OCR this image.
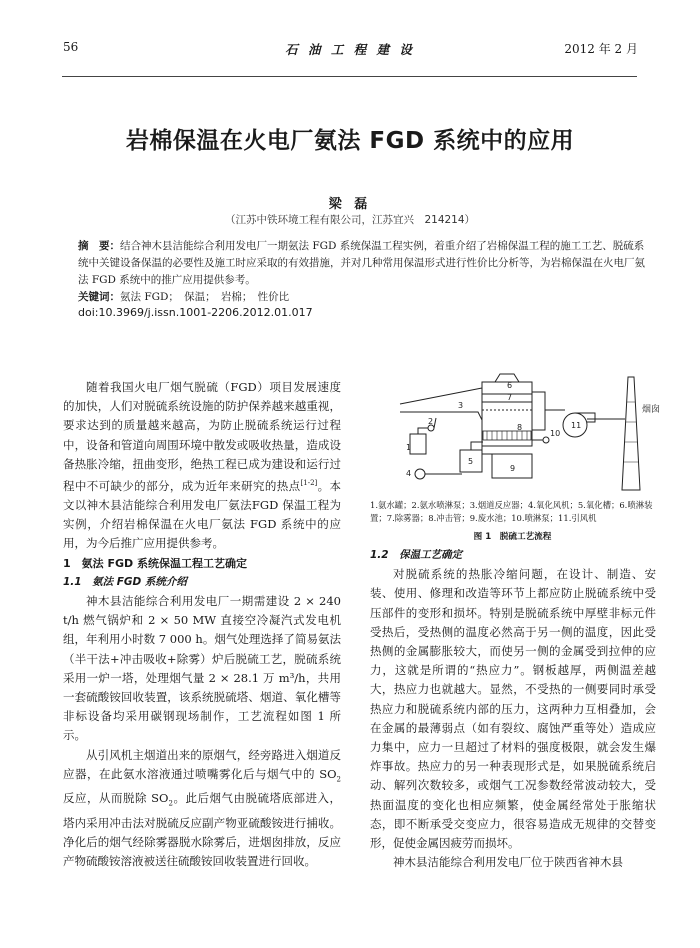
56	石 油 工 程 建 设	2012 年 2 月
岩棉保温在火电厂氨法 FGD 系统中的应用
梁 磊
（江苏中铁环境工程有限公司，江苏宜兴　214214）
摘　要：结合神木县洁能综合利用发电厂一期氨法 FGD 系统保温工程实例，着重介绍了岩棉保温工程的施工工艺、脱硫系统中关键设备保温的必要性及施工时应采取的有效措施，并对几种常用保温形式进行性价比分析等，为岩棉保温在火电厂氨法 FGD 系统中的推广应用提供参考。
关键词：氨法 FGD；　保温；　岩棉；　性价比
doi:10.3969/j.issn.1001-2206.2012.01.017

随着我国火电厂烟气脱硫（FGD）项目发展速度的加快，人们对脱硫系统设施的防护保养越来越重视，要求达到的质量越来越高，为防止脱硫系统运行过程中，设备和管道向周围环境中散发或吸收热量，造成设备热胀冷缩，扭曲变形，绝热工程已成为建设和运行过程中不可缺少的部分，成为近年来研究的热点[1-2]。本文以神木县洁能综合利用发电厂氨法FGD 保温工程为实例，介绍岩棉保温在火电厂氨法 FGD 系统中的应用，为今后推广应用提供参考。

1　氨法 FGD 系统保温工程工艺确定

1.1　氨法 FGD 系统介绍

神木县洁能综合利用发电厂一期需建设 2 × 240 t/h 燃气锅炉和 2 × 50 MW 直接空冷凝汽式发电机组，年利用小时数 7 000 h。烟气处理选择了简易氨法（半干法+冲击吸收+除雾）炉后脱硫工艺，脱硫系统采用一炉一塔，处理烟气量 2 × 28.1 万 m³/h，共用一套硫酸铵回收装置，该系统脱硫塔、烟道、氧化槽等非标设备均采用碳钢现场制作，工艺流程如图 1 所示。

从引风机主烟道出来的原烟气，经旁路进入烟道反应器，在此氨水溶液通过喷嘴雾化后与烟气中的 $SO_2$ 反应，从而脱除 $SO_2$。此后烟气由脱硫塔底部进入，塔内采用冲击法对脱硫反应副产物亚硫酸铵进行捕收。净化后的烟气经除雾器脱水除雾后，进烟囱排放，反应产物硫酸铵溶液被送往硫酸铵回收装置进行回收。

1
2
3
4
5
6
7
8
9
10
11
烟囱
1.氨水罐；2.氨水喷淋泵；3.烟道反应器；4.氧化风机；5.氧化槽；6.喷淋装置；7.除雾器；8.冲击管；9.废水池；10.喷淋泵；11.引风机
图 1　脱硫工艺流程

1.2　保温工艺确定

对脱硫系统的热胀冷缩问题，在设计、制造、安装、使用、修理和改造等环节上都应防止脱硫系统中受压部件的变形和损坏。特别是脱硫系统中厚壁非标元件受热后，受热侧的温度必然高于另一侧的温度，因此受热侧的金属膨胀较大，而使另一侧的金属受到拉伸的应力，这就是所谓的“热应力”。钢板越厚，两侧温差越大，热应力也就越大。显然，不受热的一侧要同时承受热应力和脱硫系统内部的压力，这两种力互相叠加，会在金属的最薄弱点（如有裂纹、腐蚀严重等处）造成应力集中，应力一旦超过了材料的强度极限，就会发生爆炸事故。热应力的另一种表现形式是，如果脱硫系统启动、解列次数较多，或烟气工况参数经常波动较大，受热面温度的变化也相应频繁，使金属经常处于胀缩状态，即不断承受交变应力，很容易造成无规律的交替变形，促使金属因疲劳而损坏。

神木县洁能综合利用发电厂位于陕西省神木县
